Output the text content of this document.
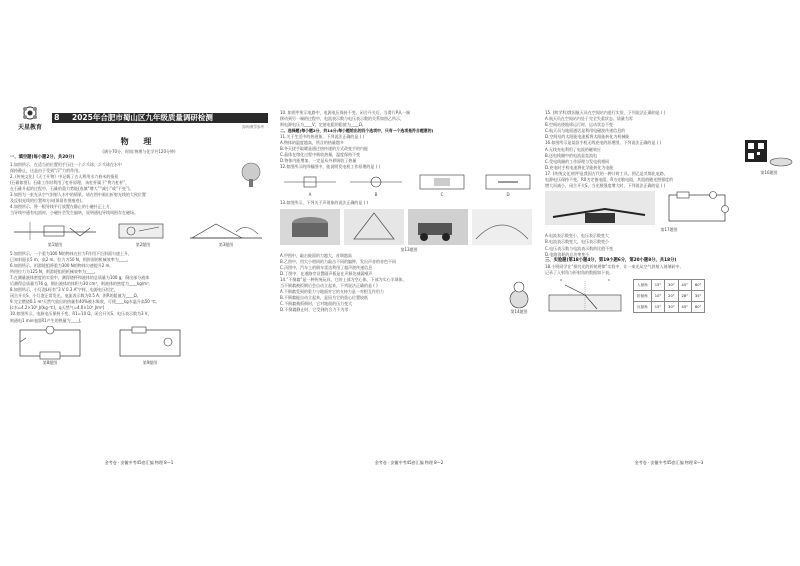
天星教育
8 2025年合肥市蜀山区九年级质量调研检测
页码/教学参考
物 理
(满分70分，时间:物理与化学共120分钟)
一、填空题(每小题2分，共20分)
1.如图所示，在适当的位置用手压住一个乒乓球，乒乓球在水中
保持静止，这是由于受到“浮”力的作用。
2. (传统文化)《天工开物》中记载了古人利用水力舂米的情景
(石碓如图)。石碓工作时利用了杠杆原理，该杠杆属于“费力杠杆”，
在石碓升起的过程中，石碓的重力势能(选填“增大”“减小”或“不变”)。
3.如图为一束光从空气斜射入水中的情景，请在图中画出折射光线的大致位置
及反射光线的位置和方向(保留作图痕迹)。
4.如图所示，将一根导线平行放置在静止的小磁针正上方，
当导线中通有电流时，小磁针会发生偏转，说明通电导线周围存在磁场。
第1题图	第2题图	第3题图
5.如图所示，一个重为100 N的物体在拉力F作用下沿斜面匀速上升，
已知斜面长5 m，高2 m，拉力为50 N，则斜面的机械效率为____。
6.如图所示，用滑轮组将重为300 N的物体匀速提升2 m，
所用拉力为125 N，则滑轮组的机械效率为____。
7.在测量液体密度的实验中，测得烧杯和液体的总质量为100 g，倒出部分液体
后测得总质量为76 g，倒出液体的体积为30 cm³，则液体的密度为____kg/m³。
8.如图所示，小灯泡L标有“3 V 0.3 A”字样，电源电压恒定，
闭合开关S，小灯泡正常发光，电流表示数为0.5 A，则R的阻值为____Ω。
9.完全燃烧0.1 m³天然气放出的热量有40%被水吸收，可使____kg水温升高50 ℃。
[c水=4.2×10³ J/(kg·℃)，q天然气=4.0×10⁷ J/m³]
10.如图所示，电源电压保持不变，R1=10 Ω，闭合开关S，电压表示数为3 V，
则通电1 min电阻R1产生的热量为____J。
第8题图	第9题图
金考卷 · 安徽中考45套汇编 物理 8—1
10. 如图甲所示电路中，电源电压保持不变，闭合开关后，当滑片P从一端
移动到另一端的过程中，电流表示数与电压表示数的关系如图乙所示，
则电源电压为____V，定值电阻的阻值为____Ω。
二、选择题(每小题2分，共14分;每小题给出的四个选项中，只有一个选项是符合题意的)
11.关于生活中的热现象，下列说法正确的是 ( )
A.物体的温度越高，所含的热量越多
B.冬天搓手取暖是通过热传递的方式改变手的内能
C.晶体在熔化过程中吸收热量，温度保持不变
D.物体内能增加，一定是从外界吸收了热量
12.如图所示的四幅图中，能说明发电机工作原理的是 ( )
A	B	C	D
13.如图所示，下列关于声现象的说法正确的是 ( )
第13题图
A.甲图中，敲击鼓面的力越大，音调越高
B.乙图中，用大小相同的力敲击不同的编钟，发出声音的音色不同
C.丙图中，汽车上的倒车雷达利用了超声波传递信息
D.丁图中，在道路旁设置隔声板是在声源处减弱噪声
14.“不倒翁”是一种传统玩具，它的上部为空心体，下部为实心半球体，
当不倒翁被扳倒后会自动立起来，下列说法正确的是 ( )
A.不倒翁受到的重力与地面对它的支持力是一对相互作用力
B.不倒翁能自动立起来，是因为它的重心位置较低
C.不倒翁被扳倒时，它对地面的压力变大
D.不倒翁静止时，它受到的合力不为零	第14题图
金考卷 · 安徽中考45套汇编 物理 8—2
15. (跨学科)我国航天员在空间站内进行实验，下列说法正确的是 ( )
A.航天员在空间站内处于完全失重状态，质量为零
B.空间站绕地球运行时，运动状态不变
C.航天员与地面通话是利用电磁波传递信息的
D.空间站的太阳能电池板将太阳能转化为机械能
16.如图所示是某款手机无线充电的原理图，下列说法正确的是 ( )
A.无线充电利用了电流的磁效应
B.送电线圈中的电流是直流电
C.受电线圈的工作原理与发电机相同
D.充电时手机电池将化学能转化为电能
第16题图
17. (传统文化)图甲是我国古代的一种计时工具，图乙是其简化电路，
电源电压保持不变，R0为定值电阻，R为光敏电阻，其阻值随光照强度的
增大而减小，闭合开关S，当光照强度增大时，下列说法正确的是 ( )
第17题图
A.电流表示数变小，电压表示数变大
B.电流表示数变大，电压表示数变小
C.电压表示数与电流表示数的比值不变
D.电路消耗的总功率变小
三、实验题(第18小题4分，第19小题6分，第20小题8分，共18分)
18.小明同学在“探究光的折射规律”实验中，让一束光从空气斜射入玻璃砖中，
记录了入射角与折射角的数据如下表。
入射角	15°	30°	45°	60°
折射角	10°	20°	28°	35°
反射角	15°	30°	45°	60°
金考卷 · 安徽中考45套汇编 物理 8—3
